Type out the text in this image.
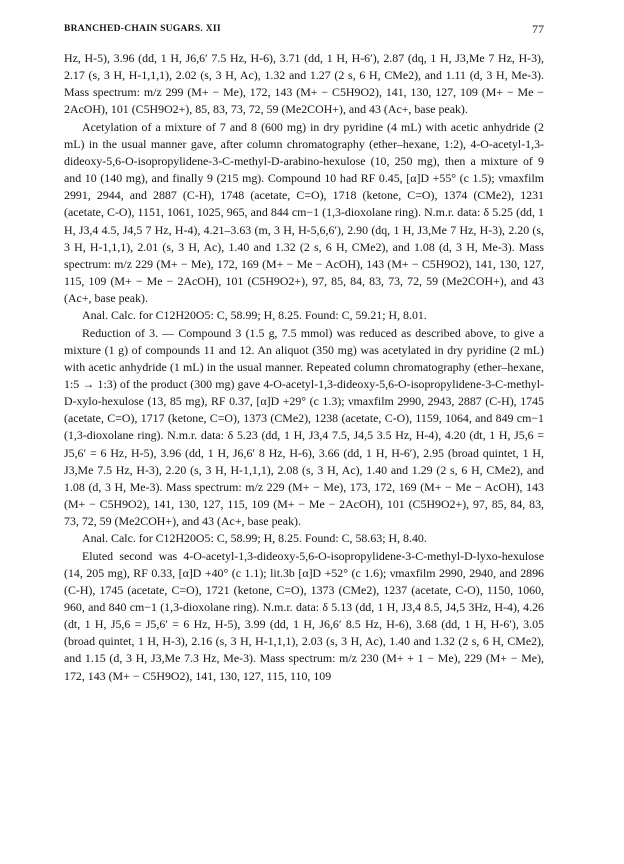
BRANCHED-CHAIN SUGARS. XII	77

Hz, H-5), 3.96 (dd, 1 H, J6,6′ 7.5 Hz, H-6), 3.71 (dd, 1 H, H-6′), 2.87 (dq, 1 H, J3,Me 7 Hz, H-3), 2.17 (s, 3 H, H-1,1,1), 2.02 (s, 3 H, Ac), 1.32 and 1.27 (2 s, 6 H, CMe2), and 1.11 (d, 3 H, Me-3). Mass spectrum: m/z 299 (M+ − Me), 172, 143 (M+ − C5H9O2), 141, 130, 127, 109 (M+ − Me − 2AcOH), 101 (C5H9O2+), 85, 83, 73, 72, 59 (Me2COH+), and 43 (Ac+, base peak).

Acetylation of a mixture of 7 and 8 (600 mg) in dry pyridine (4 mL) with acetic anhydride (2 mL) in the usual manner gave, after column chromatography (ether–hexane, 1:2), 4-O-acetyl-1,3-dideoxy-5,6-O-isopropylidene-3-C-methyl-D-arabino-hexulose (10, 250 mg), then a mixture of 9 and 10 (140 mg), and finally 9 (215 mg). Compound 10 had RF 0.45, [α]D +55° (c 1.5); νmaxfilm 2991, 2944, and 2887 (C-H), 1748 (acetate, C=O), 1718 (ketone, C=O), 1374 (CMe2), 1231 (acetate, C-O), 1151, 1061, 1025, 965, and 844 cm−1 (1,3-dioxolane ring). N.m.r. data: δ 5.25 (dd, 1 H, J3,4 4.5, J4,5 7 Hz, H-4), 4.21–3.63 (m, 3 H, H-5,6,6′), 2.90 (dq, 1 H, J3,Me 7 Hz, H-3), 2.20 (s, 3 H, H-1,1,1), 2.01 (s, 3 H, Ac), 1.40 and 1.32 (2 s, 6 H, CMe2), and 1.08 (d, 3 H, Me-3). Mass spectrum: m/z 229 (M+ − Me), 172, 169 (M+ − Me − AcOH), 143 (M+ − C5H9O2), 141, 130, 127, 115, 109 (M+ − Me − 2AcOH), 101 (C5H9O2+), 97, 85, 84, 83, 73, 72, 59 (Me2COH+), and 43 (Ac+, base peak).

Anal. Calc. for C12H20O5: C, 58.99; H, 8.25. Found: C, 59.21; H, 8.01.

Reduction of 3. — Compound 3 (1.5 g, 7.5 mmol) was reduced as described above, to give a mixture (1 g) of compounds 11 and 12. An aliquot (350 mg) was acetylated in dry pyridine (2 mL) with acetic anhydride (1 mL) in the usual manner. Repeated column chromatography (ether–hexane, 1:5 → 1:3) of the product (300 mg) gave 4-O-acetyl-1,3-dideoxy-5,6-O-isopropylidene-3-C-methyl-D-xylo-hexulose (13, 85 mg), RF 0.37, [α]D +29° (c 1.3); νmaxfilm 2990, 2943, 2887 (C-H), 1745 (acetate, C=O), 1717 (ketone, C=O), 1373 (CMe2), 1238 (acetate, C-O), 1159, 1064, and 849 cm−1 (1,3-dioxolane ring). N.m.r. data: δ 5.23 (dd, 1 H, J3,4 7.5, J4,5 3.5 Hz, H-4), 4.20 (dt, 1 H, J5,6 = J5,6′ = 6 Hz, H-5), 3.96 (dd, 1 H, J6,6′ 8 Hz, H-6), 3.66 (dd, 1 H, H-6′), 2.95 (broad quintet, 1 H, J3,Me 7.5 Hz, H-3), 2.20 (s, 3 H, H-1,1,1), 2.08 (s, 3 H, Ac), 1.40 and 1.29 (2 s, 6 H, CMe2), and 1.08 (d, 3 H, Me-3). Mass spectrum: m/z 229 (M+ − Me), 173, 172, 169 (M+ − Me − AcOH), 143 (M+ − C5H9O2), 141, 130, 127, 115, 109 (M+ − Me − 2AcOH), 101 (C5H9O2+), 97, 85, 84, 83, 73, 72, 59 (Me2COH+), and 43 (Ac+, base peak).

Anal. Calc. for C12H20O5: C, 58.99; H, 8.25. Found: C, 58.63; H, 8.40.

Eluted second was 4-O-acetyl-1,3-dideoxy-5,6-O-isopropylidene-3-C-methyl-D-lyxo-hexulose (14, 205 mg), RF 0.33, [α]D +40° (c 1.1); lit.3b [α]D +52° (c 1.6); νmaxfilm 2990, 2940, and 2896 (C-H), 1745 (acetate, C=O), 1721 (ketone, C=O), 1373 (CMe2), 1237 (acetate, C-O), 1150, 1060, 960, and 840 cm−1 (1,3-dioxolane ring). N.m.r. data: δ 5.13 (dd, 1 H, J3,4 8.5, J4,5 3Hz, H-4), 4.26 (dt, 1 H, J5,6 = J5,6′ = 6 Hz, H-5), 3.99 (dd, 1 H, J6,6′ 8.5 Hz, H-6), 3.68 (dd, 1 H, H-6′), 3.05 (broad quintet, 1 H, H-3), 2.16 (s, 3 H, H-1,1,1), 2.03 (s, 3 H, Ac), 1.40 and 1.32 (2 s, 6 H, CMe2), and 1.15 (d, 3 H, J3,Me 7.3 Hz, Me-3). Mass spectrum: m/z 230 (M+ + 1 − Me), 229 (M+ − Me), 172, 143 (M+ − C5H9O2), 141, 130, 127, 115, 110, 109
